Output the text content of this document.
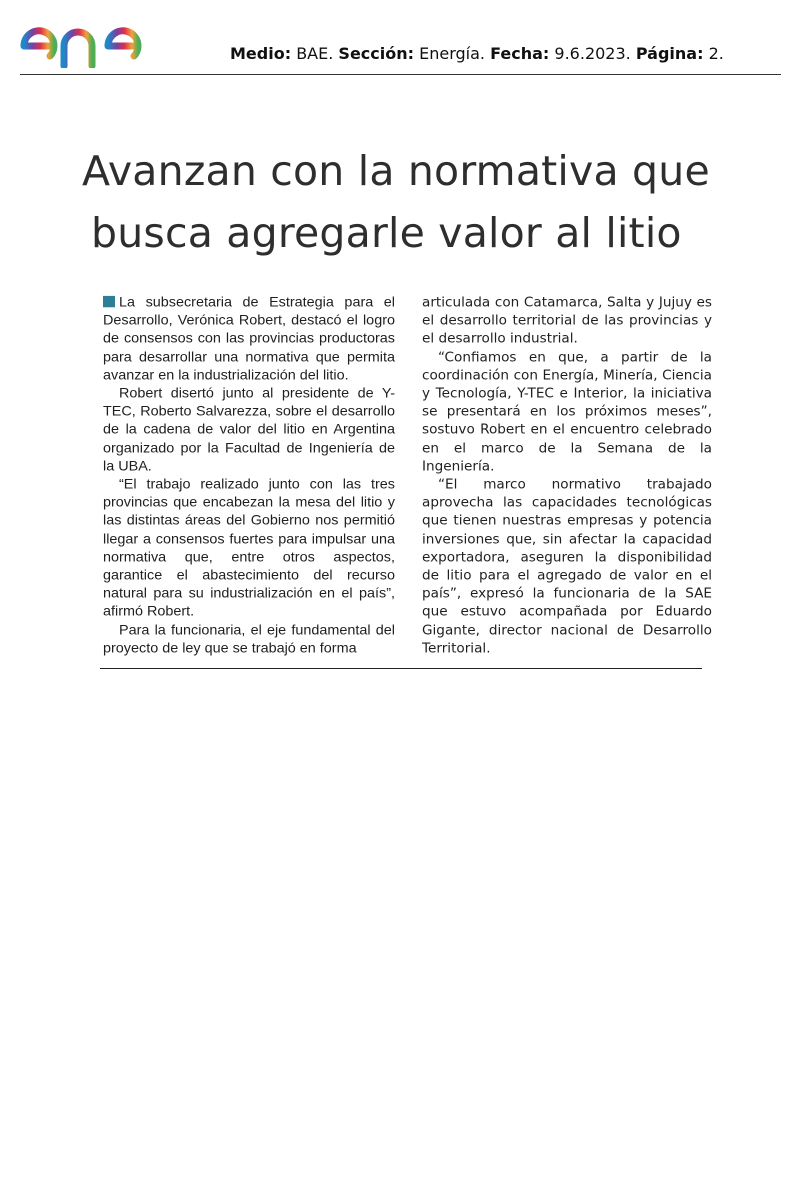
Medio: BAE. Sección: Energía. Fecha: 9.6.2023. Página: 2.
Avanzan con la normativa que
busca agregarle valor al litio

La subsecretaria de Estrategia para el Desarrollo, Verónica Robert, destacó el logro de consensos con las provincias productoras para desarrollar una normativa que permita avanzar en la industrialización del litio.

Robert disertó junto al presidente de Y-TEC, Roberto Salvarezza, sobre el desarrollo de la cadena de valor del litio en Argentina organizado por la Facultad de Ingeniería de la UBA.

“El trabajo realizado junto con las tres provincias que encabezan la mesa del litio y las distintas áreas del Gobierno nos permitió llegar a consensos fuertes para impulsar una normativa que, entre otros aspectos, garantice el abastecimiento del recurso natural para su industrialización en el país”, afirmó Robert.

Para la funcionaria, el eje fundamental del proyecto de ley que se trabajó en forma

articulada con Catamarca, Salta y Jujuy es el desarrollo territorial de las provincias y el desarrollo industrial.

“Confiamos en que, a partir de la coordinación con Energía, Minería, Ciencia y Tecnología, Y-TEC e Interior, la iniciativa se presentará en los próximos meses”, sostuvo Robert en el encuentro celebrado en el marco de la Semana de la Ingeniería.

“El marco normativo trabajado aprovecha las capacidades tecnológicas que tienen nuestras empresas y potencia inversiones que, sin afectar la capacidad exportadora, aseguren la disponibilidad de litio para el agregado de valor en el país”, expresó la funcionaria de la SAE que estuvo acompañada por Eduardo Gigante, director nacional de Desarrollo Territorial.
